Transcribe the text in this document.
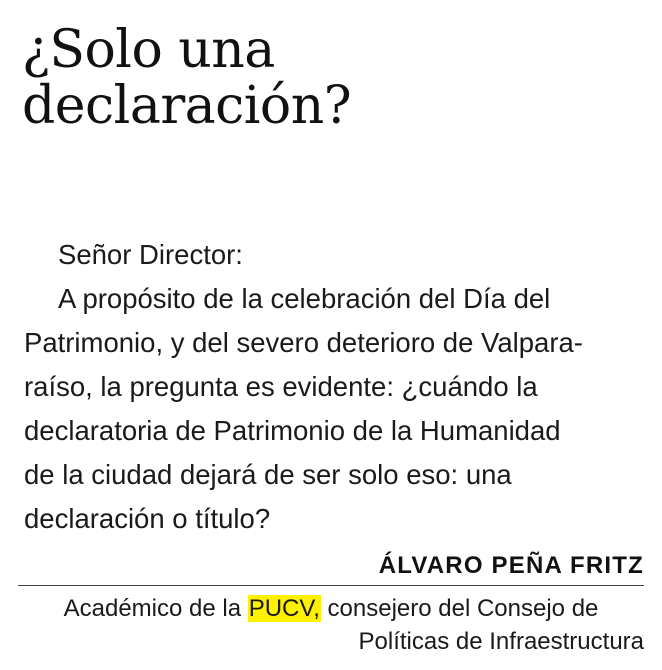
¿Solo una
declaración?
Señor Director:
A propósito de la celebración del Día del
Patrimonio, y del severo deterioro de Valpara-
raíso, la pregunta es evidente: ¿cuándo la
declaratoria de Patrimonio de la Humanidad
de la ciudad dejará de ser solo eso: una
declaración o título?
ÁLVARO PEÑA FRITZ
Académico de la PUCV, consejero del Consejo de
Políticas de Infraestructura
